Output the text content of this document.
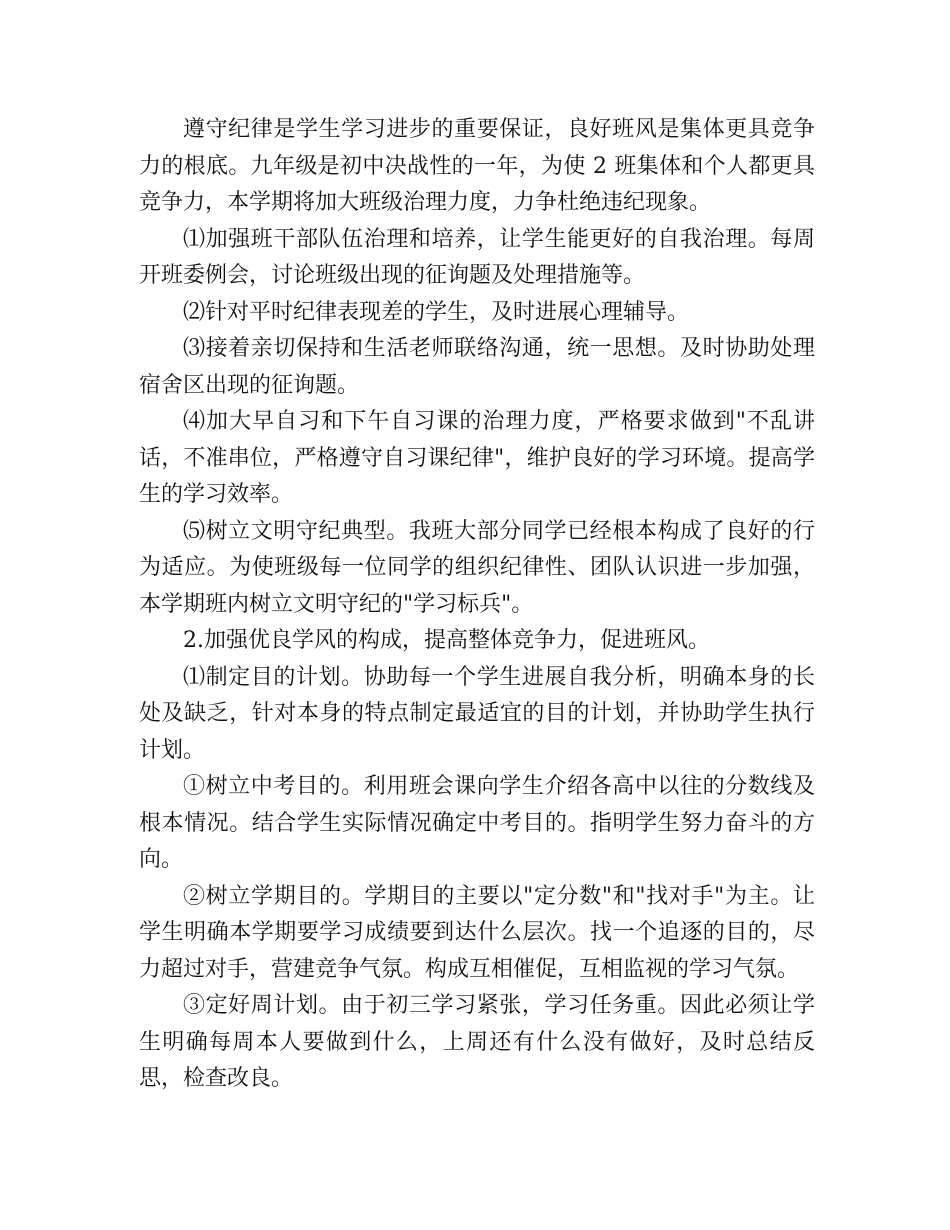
遵守纪律是学生学习进步的重要保证，良好班风是集体更具竞争力的根底。九年级是初中决战性的一年，为使 2 班集体和个人都更具竞争力，本学期将加大班级治理力度，力争杜绝违纪现象。

⑴加强班干部队伍治理和培养，让学生能更好的自我治理。每周开班委例会，讨论班级出现的征询题及处理措施等。

⑵针对平时纪律表现差的学生，及时进展心理辅导。

⑶接着亲切保持和生活老师联络沟通，统一思想。及时协助处理宿舍区出现的征询题。

⑷加大早自习和下午自习课的治理力度，严格要求做到"不乱讲话，不准串位，严格遵守自习课纪律"，维护良好的学习环境。提高学生的学习效率。

⑸树立文明守纪典型。我班大部分同学已经根本构成了良好的行为适应。为使班级每一位同学的组织纪律性、团队认识进一步加强，本学期班内树立文明守纪的"学习标兵"。

2.加强优良学风的构成，提高整体竞争力，促进班风。

⑴制定目的计划。协助每一个学生进展自我分析，明确本身的长处及缺乏，针对本身的特点制定最适宜的目的计划，并协助学生执行计划。

①树立中考目的。利用班会课向学生介绍各高中以往的分数线及根本情况。结合学生实际情况确定中考目的。指明学生努力奋斗的方向。

②树立学期目的。学期目的主要以"定分数"和"找对手"为主。让学生明确本学期要学习成绩要到达什么层次。找一个追逐的目的，尽力超过对手，营建竞争气氛。构成互相催促，互相监视的学习气氛。

③定好周计划。由于初三学习紧张，学习任务重。因此必须让学生明确每周本人要做到什么，上周还有什么没有做好，及时总结反思，检查改良。
